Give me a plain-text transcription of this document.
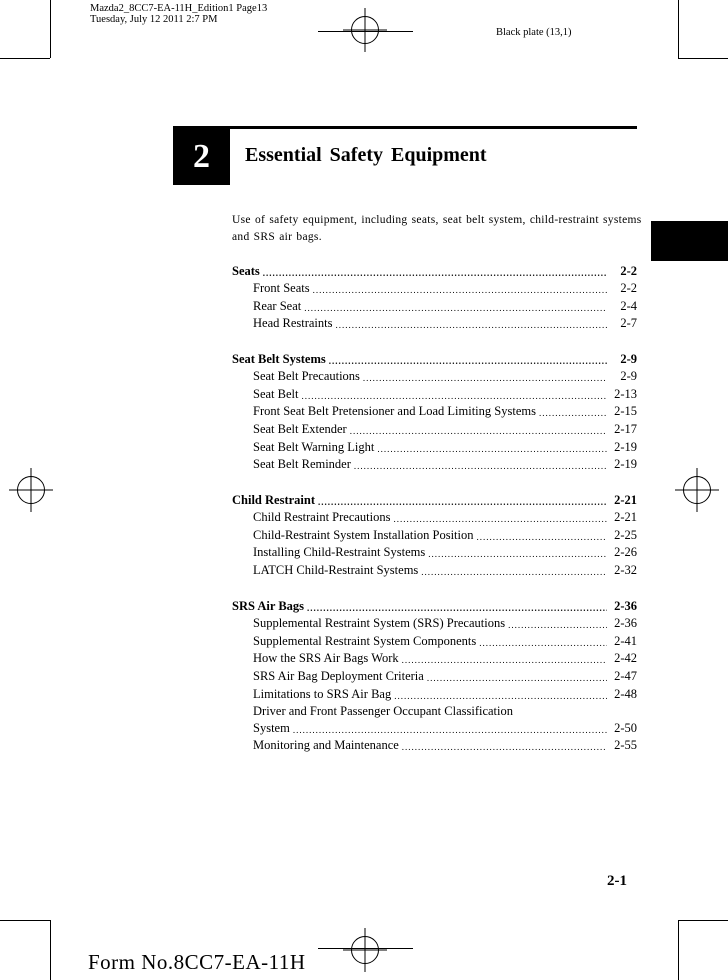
Mazda2_8CC7-EA-11H_Edition1 Page13
Tuesday, July 12 2011 2:7 PM
Black plate (13,1)
2	Essential Safety Equipment
Use of safety equipment, including seats, seat belt system, child-restraint systems and SRS air bags.
Seats .....	2-2
Front Seats .....	2-2
Rear Seat .....	2-4
Head Restraints .....	2-7
Seat Belt Systems .....	2-9
Seat Belt Precautions .....	2-9
Seat Belt .....	2-13
Front Seat Belt Pretensioner and Load Limiting Systems .....	2-15
Seat Belt Extender .....	2-17
Seat Belt Warning Light .....	2-19
Seat Belt Reminder .....	2-19
Child Restraint .....	2-21
Child Restraint Precautions .....	2-21
Child-Restraint System Installation Position .....	2-25
Installing Child-Restraint Systems .....	2-26
LATCH Child-Restraint Systems .....	2-32
SRS Air Bags .....	2-36
Supplemental Restraint System (SRS) Precautions .....	2-36
Supplemental Restraint System Components .....	2-41
How the SRS Air Bags Work .....	2-42
SRS Air Bag Deployment Criteria .....	2-47
Limitations to SRS Air Bag .....	2-48
Driver and Front Passenger Occupant Classification
System .....	2-50
Monitoring and Maintenance .....	2-55
2-1
Form No.8CC7-EA-11H
